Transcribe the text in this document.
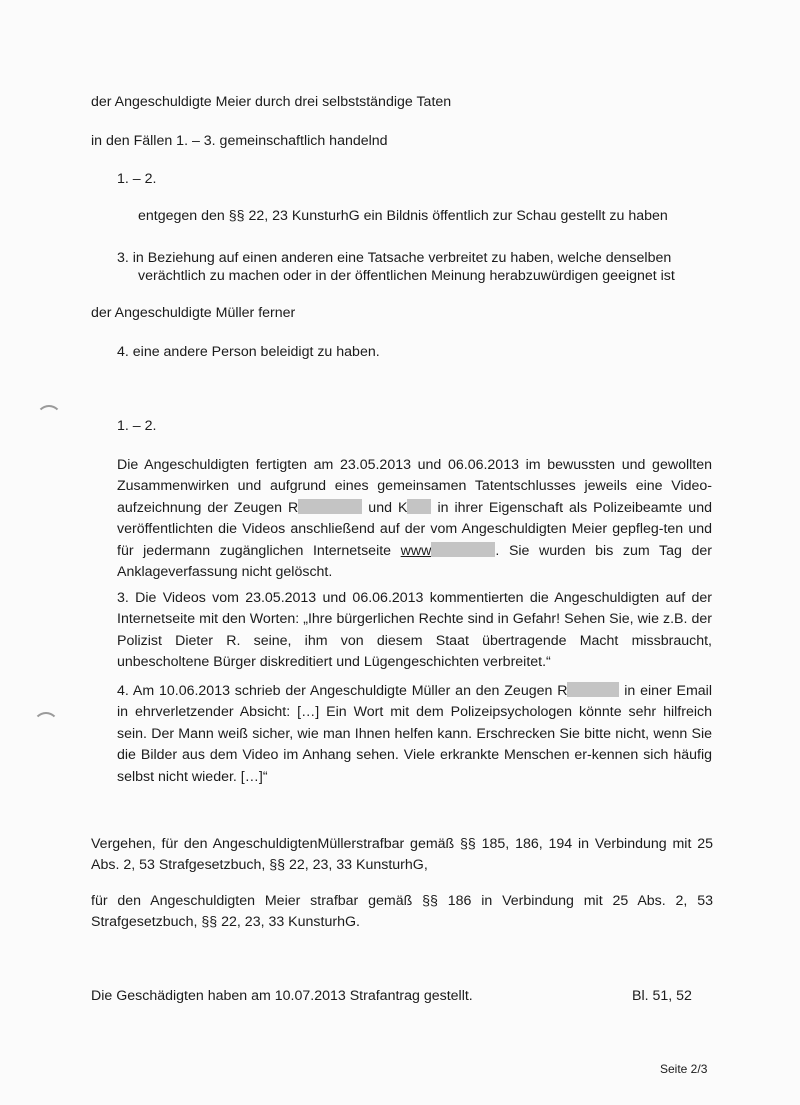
der Angeschuldigte Meier durch drei selbstständige Taten
in den Fällen 1. – 3. gemeinschaftlich handelnd
1. – 2.
entgegen den §§ 22, 23 KunsturhG ein Bildnis öffentlich zur Schau gestellt zu haben
3. in Beziehung auf einen anderen eine Tatsache verbreitet zu haben, welche denselben
verächtlich zu machen oder in der öffentlichen Meinung herabzuwürdigen geeignet ist
der Angeschuldigte Müller ferner
4. eine andere Person beleidigt zu haben.
1. – 2.
Die Angeschuldigten fertigten am 23.05.2013 und 06.06.2013 im bewussten und gewollten Zusammenwirken und aufgrund eines gemeinsamen Tatentschlusses jeweils eine Video-aufzeichnung der Zeugen R	und K in ihrer Eigenschaft als Polizeibeamte und veröffentlichten die Videos anschließend auf der vom Angeschuldigten Meier gepfleg-ten und für jedermann zugänglichen Internetseite www	. Sie wurden bis zum Tag der Anklageverfassung nicht gelöscht.
3. Die Videos vom 23.05.2013 und 06.06.2013 kommentierten die Angeschuldigten auf der Internetseite mit den Worten: „Ihre bürgerlichen Rechte sind in Gefahr! Sehen Sie, wie z.B. der Polizist Dieter R. seine, ihm von diesem Staat übertragende Macht missbraucht, unbescholtene Bürger diskreditiert und Lügengeschichten verbreitet.“
4. Am 10.06.2013 schrieb der Angeschuldigte Müller an den Zeugen R	in einer Email in ehrverletzender Absicht: […] Ein Wort mit dem Polizeipsychologen könnte sehr hilfreich sein. Der Mann weiß sicher, wie man Ihnen helfen kann. Erschrecken Sie bitte nicht, wenn Sie die Bilder aus dem Video im Anhang sehen. Viele erkrankte Menschen er-kennen sich häufig selbst nicht wieder. […]“
Vergehen, für den AngeschuldigtenMüllerstrafbar gemäß §§ 185, 186, 194 in Verbindung mit 25 Abs. 2, 53 Strafgesetzbuch, §§ 22, 23, 33 KunsturhG,
für den Angeschuldigten Meier strafbar gemäß §§ 186 in Verbindung mit 25 Abs. 2, 53 Strafgesetzbuch, §§ 22, 23, 33 KunsturhG.
Die Geschädigten haben am 10.07.2013 Strafantrag gestellt.	Bl. 51, 52
Seite 2/3
